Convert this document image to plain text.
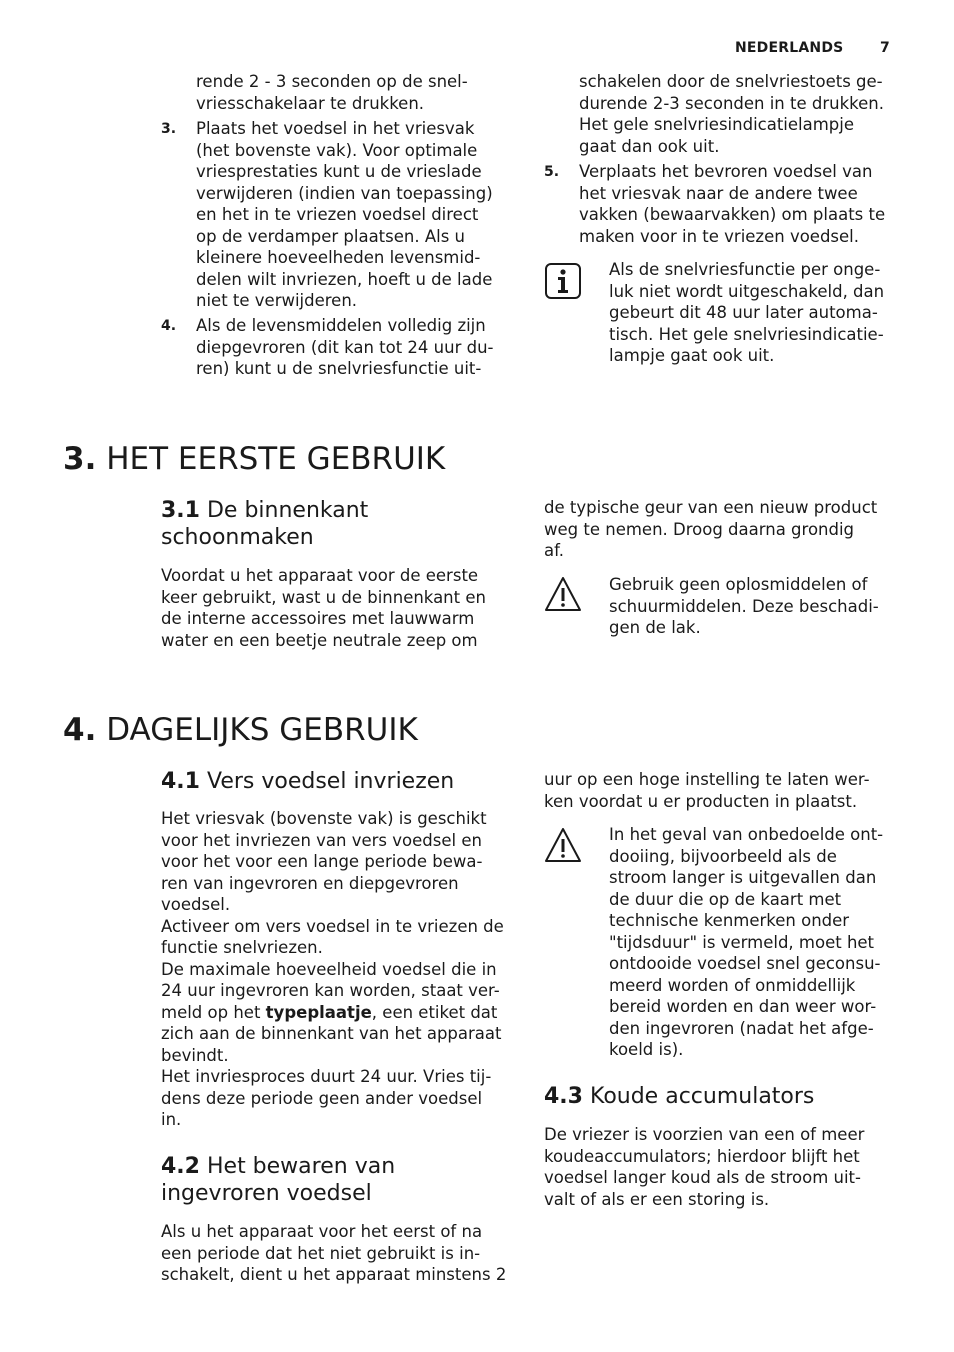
NEDERLANDS	7
rende 2 - 3 seconden op de snel-
vriesschakelaar te drukken.
3. Plaats het voedsel in het vriesvak
(het bovenste vak). Voor optimale
vriesprestaties kunt u de vrieslade
verwijderen (indien van toepassing)
en het in te vriezen voedsel direct
op de verdamper plaatsen. Als u
kleinere hoeveelheden levensmid-
delen wilt invriezen, hoeft u de lade
niet te verwijderen.
4. Als de levensmiddelen volledig zijn
diepgevroren (dit kan tot 24 uur du-
ren) kunt u de snelvriesfunctie uit-
schakelen door de snelvriestoets ge-
durende 2-3 seconden in te drukken.
Het gele snelvriesindicatielampje
gaat dan ook uit.
5. Verplaats het bevroren voedsel van
het vriesvak naar de andere twee
vakken (bewaarvakken) om plaats te
maken voor in te vriezen voedsel.
Als de snelvriesfunctie per onge-
luk niet wordt uitgeschakeld, dan
gebeurt dit 48 uur later automa-
tisch. Het gele snelvriesindicatie-
lampje gaat ook uit.
3. HET EERSTE GEBRUIK
3.1 De binnenkant
schoonmaken
Voordat u het apparaat voor de eerste
keer gebruikt, wast u de binnenkant en
de interne accessoires met lauwwarm
water en een beetje neutrale zeep om
de typische geur van een nieuw product
weg te nemen. Droog daarna grondig
af.
Gebruik geen oplosmiddelen of
schuurmiddelen. Deze beschadi-
gen de lak.
4. DAGELIJKS GEBRUIK
4.1 Vers voedsel invriezen
Het vriesvak (bovenste vak) is geschikt
voor het invriezen van vers voedsel en
voor het voor een lange periode bewa-
ren van ingevroren en diepgevroren
voedsel.
Activeer om vers voedsel in te vriezen de
functie snelvriezen.
De maximale hoeveelheid voedsel die in
24 uur ingevroren kan worden, staat ver-
meld op het typeplaatje, een etiket dat
zich aan de binnenkant van het apparaat
bevindt.
Het invriesproces duurt 24 uur. Vries tij-
dens deze periode geen ander voedsel
in.
4.2 Het bewaren van
ingevroren voedsel
Als u het apparaat voor het eerst of na
een periode dat het niet gebruikt is in-
schakelt, dient u het apparaat minstens 2
uur op een hoge instelling te laten wer-
ken voordat u er producten in plaatst.
In het geval van onbedoelde ont-
dooiing, bijvoorbeeld als de
stroom langer is uitgevallen dan
de duur die op de kaart met
technische kenmerken onder
"tijdsduur" is vermeld, moet het
ontdooide voedsel snel geconsu-
meerd worden of onmiddellijk
bereid worden en dan weer wor-
den ingevroren (nadat het afge-
koeld is).
4.3 Koude accumulators
De vriezer is voorzien van een of meer
koudeaccumulators; hierdoor blijft het
voedsel langer koud als de stroom uit-
valt of als er een storing is.
